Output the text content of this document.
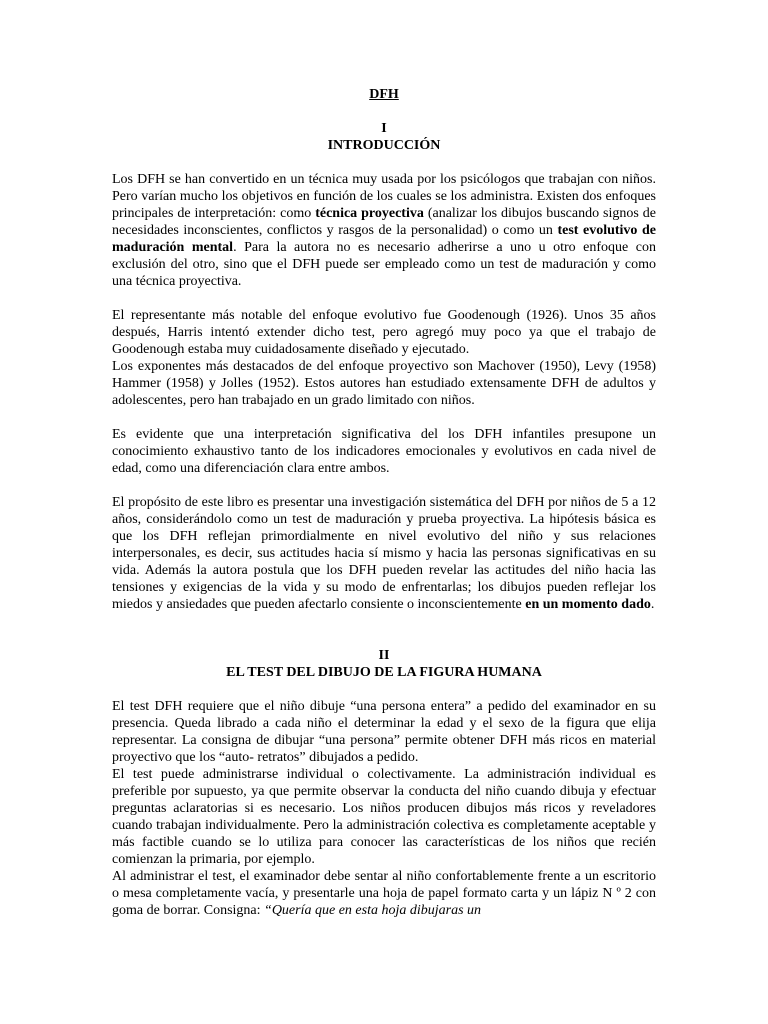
DFH
I
INTRODUCCIÓN

Los DFH se han convertido en un técnica muy usada por los psicólogos que trabajan con niños. Pero varían mucho los objetivos en función de los cuales se los administra. Existen dos enfoques principales de interpretación: como técnica proyectiva (analizar los dibujos buscando signos de necesidades inconscientes, conflictos y rasgos de la personalidad) o como un test evolutivo de maduración mental. Para la autora no es necesario adherirse a uno u otro enfoque con exclusión del otro, sino que el DFH puede ser empleado como un test de maduración y como una técnica proyectiva.

El representante más notable del enfoque evolutivo fue Goodenough (1926). Unos 35 años después, Harris intentó extender dicho test, pero agregó muy poco ya que el trabajo de Goodenough estaba muy cuidadosamente diseñado y ejecutado.

Los exponentes más destacados de del enfoque proyectivo son Machover (1950), Levy (1958) Hammer (1958) y Jolles (1952). Estos autores han estudiado extensamente DFH de adultos y adolescentes, pero han trabajado en un grado limitado con niños.

Es evidente que una interpretación significativa del los DFH infantiles presupone un conocimiento exhaustivo tanto de los indicadores emocionales y evolutivos en cada nivel de edad, como una diferenciación clara entre ambos.

El propósito de este libro es presentar una investigación sistemática del DFH por niños de 5 a 12 años, considerándolo como un test de maduración y prueba proyectiva. La hipótesis básica es que los DFH reflejan primordialmente en nivel evolutivo del niño y sus relaciones interpersonales, es decir, sus actitudes hacia sí mismo y hacia las personas significativas en su vida. Además la autora postula que los DFH pueden revelar las actitudes del niño hacia las tensiones y exigencias de la vida y su modo de enfrentarlas; los dibujos pueden reflejar los miedos y ansiedades que pueden afectarlo consiente o inconscientemente en un momento dado.

II
EL TEST DEL DIBUJO DE LA FIGURA HUMANA

El test DFH requiere que el niño dibuje “una persona entera” a pedido del examinador en su presencia. Queda librado a cada niño el determinar la edad y el sexo de la figura que elija representar. La consigna de dibujar “una persona” permite obtener DFH más ricos en material proyectivo que los “auto- retratos” dibujados a pedido.

El test puede administrarse individual o colectivamente. La administración individual es preferible por supuesto, ya que permite observar la conducta del niño cuando dibuja y efectuar preguntas aclaratorias si es necesario. Los niños producen dibujos más ricos y reveladores cuando trabajan individualmente. Pero la administración colectiva es completamente aceptable y más factible cuando se lo utiliza para conocer las características de los niños que recién comienzan la primaria, por ejemplo.

Al administrar el test, el examinador debe sentar al niño confortablemente frente a un escritorio o mesa completamente vacía, y presentarle una hoja de papel formato carta y un lápiz N º 2 con goma de borrar. Consigna: “Quería que en esta hoja dibujaras un
